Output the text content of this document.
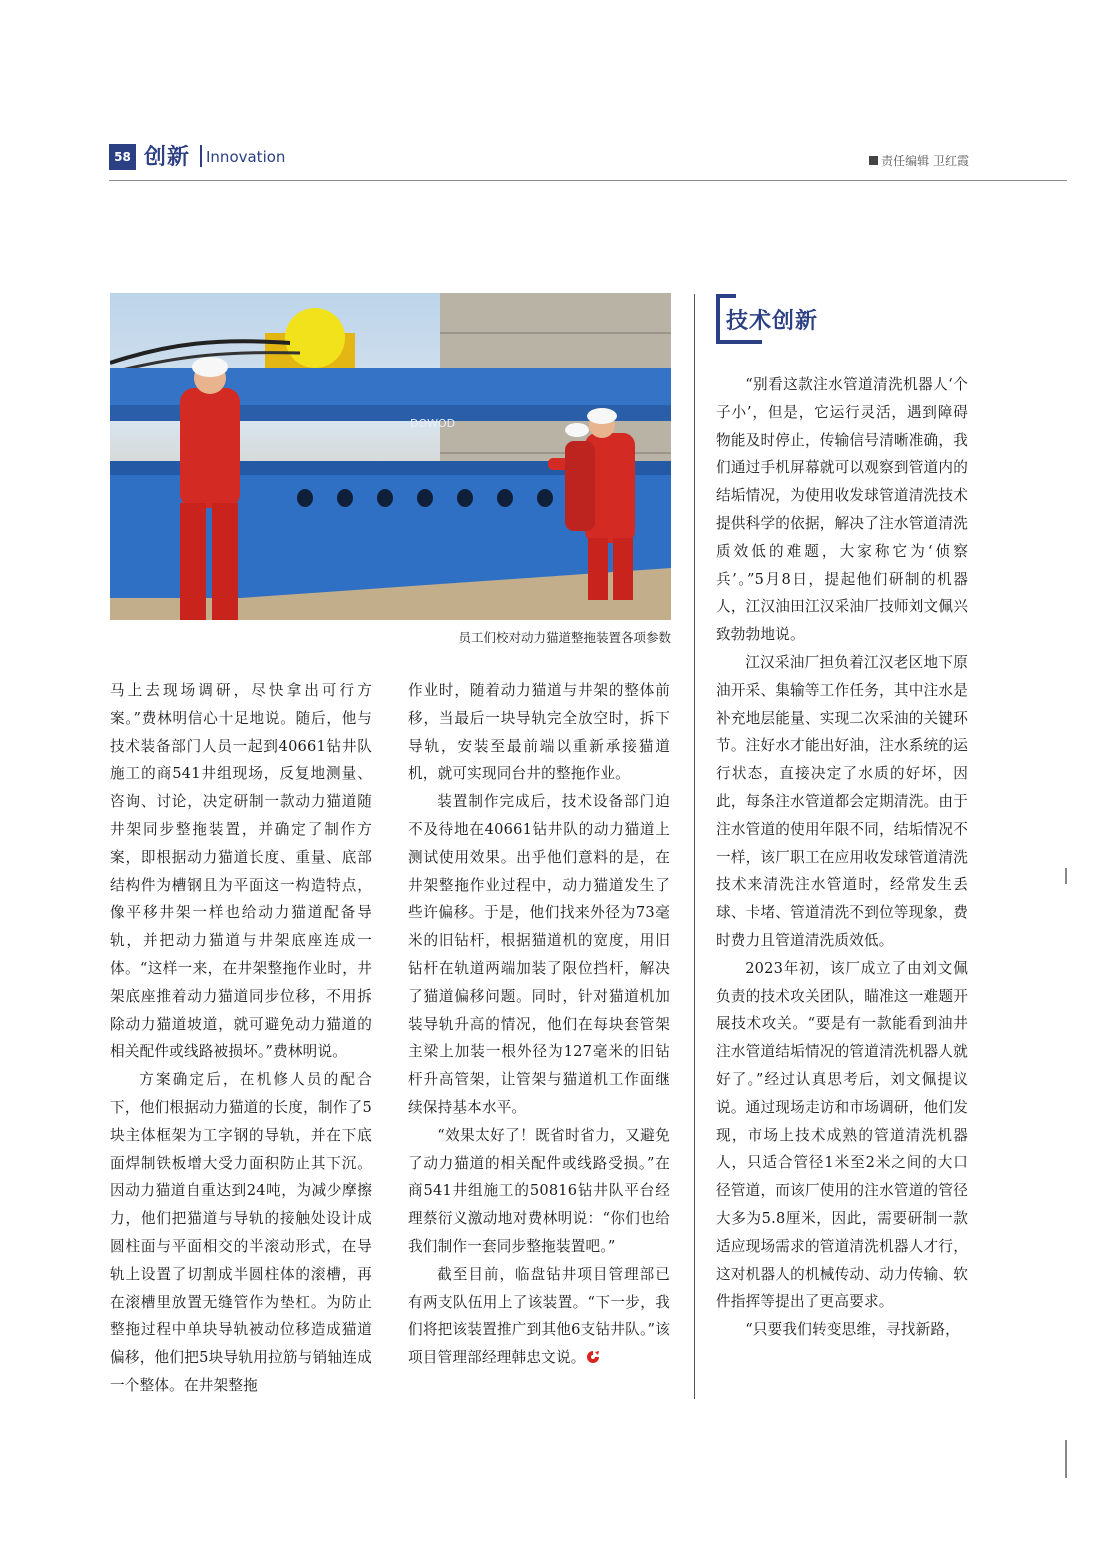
58 创新 Innovation	责任编辑 卫红霞
DOWOD
员工们校对动力猫道整拖装置各项参数

马上去现场调研，尽快拿出可行方案。”费林明信心十足地说。随后，他与技术装备部门人员一起到40661钻井队施工的商541井组现场，反复地测量、咨询、讨论，决定研制一款动力猫道随井架同步整拖装置，并确定了制作方案，即根据动力猫道长度、重量、底部结构件为槽钢且为平面这一构造特点，像平移井架一样也给动力猫道配备导轨，并把动力猫道与井架底座连成一体。“这样一来，在井架整拖作业时，井架底座推着动力猫道同步位移，不用拆除动力猫道坡道，就可避免动力猫道的相关配件或线路被损坏。”费林明说。

方案确定后，在机修人员的配合下，他们根据动力猫道的长度，制作了5块主体框架为工字钢的导轨，并在下底面焊制铁板增大受力面积防止其下沉。因动力猫道自重达到24吨，为减少摩擦力，他们把猫道与导轨的接触处设计成圆柱面与平面相交的半滚动形式，在导轨上设置了切割成半圆柱体的滚槽，再在滚槽里放置无缝管作为垫杠。为防止整拖过程中单块导轨被动位移造成猫道偏移，他们把5块导轨用拉筋与销轴连成一个整体。在井架整拖

作业时，随着动力猫道与井架的整体前移，当最后一块导轨完全放空时，拆下导轨，安装至最前端以重新承接猫道机，就可实现同台井的整拖作业。

装置制作完成后，技术设备部门迫不及待地在40661钻井队的动力猫道上测试使用效果。出乎他们意料的是，在井架整拖作业过程中，动力猫道发生了些许偏移。于是，他们找来外径为73毫米的旧钻杆，根据猫道机的宽度，用旧钻杆在轨道两端加装了限位挡杆，解决了猫道偏移问题。同时，针对猫道机加装导轨升高的情况，他们在每块套管架主梁上加装一根外径为127毫米的旧钻杆升高管架，让管架与猫道机工作面继续保持基本水平。

“效果太好了！既省时省力，又避免了动力猫道的相关配件或线路受损。”在商541井组施工的50816钻井队平台经理蔡衍义激动地对费林明说：“你们也给我们制作一套同步整拖装置吧。”

截至目前，临盘钻井项目管理部已有两支队伍用上了该装置。“下一步，我们将把该装置推广到其他6支钻井队。”该项目管理部经理韩忠文说。

技术创新

“别看这款注水管道清洗机器人‘个子小’，但是，它运行灵活，遇到障碍物能及时停止，传输信号清晰准确，我们通过手机屏幕就可以观察到管道内的结垢情况，为使用收发球管道清洗技术提供科学的依据，解决了注水管道清洗质效低的难题，大家称它为‘侦察兵’。”5月8日，提起他们研制的机器人，江汉油田江汉采油厂技师刘文佩兴致勃勃地说。

江汉采油厂担负着江汉老区地下原油开采、集输等工作任务，其中注水是补充地层能量、实现二次采油的关键环节。注好水才能出好油，注水系统的运行状态，直接决定了水质的好坏，因此，每条注水管道都会定期清洗。由于注水管道的使用年限不同，结垢情况不一样，该厂职工在应用收发球管道清洗技术来清洗注水管道时，经常发生丢球、卡堵、管道清洗不到位等现象，费时费力且管道清洗质效低。

2023年初，该厂成立了由刘文佩负责的技术攻关团队，瞄准这一难题开展技术攻关。“要是有一款能看到油井注水管道结垢情况的管道清洗机器人就好了。”经过认真思考后，刘文佩提议说。通过现场走访和市场调研，他们发现，市场上技术成熟的管道清洗机器人，只适合管径1米至2米之间的大口径管道，而该厂使用的注水管道的管径大多为5.8厘米，因此，需要研制一款适应现场需求的管道清洗机器人才行，这对机器人的机械传动、动力传输、软件指挥等提出了更高要求。

“只要我们转变思维，寻找新路，
